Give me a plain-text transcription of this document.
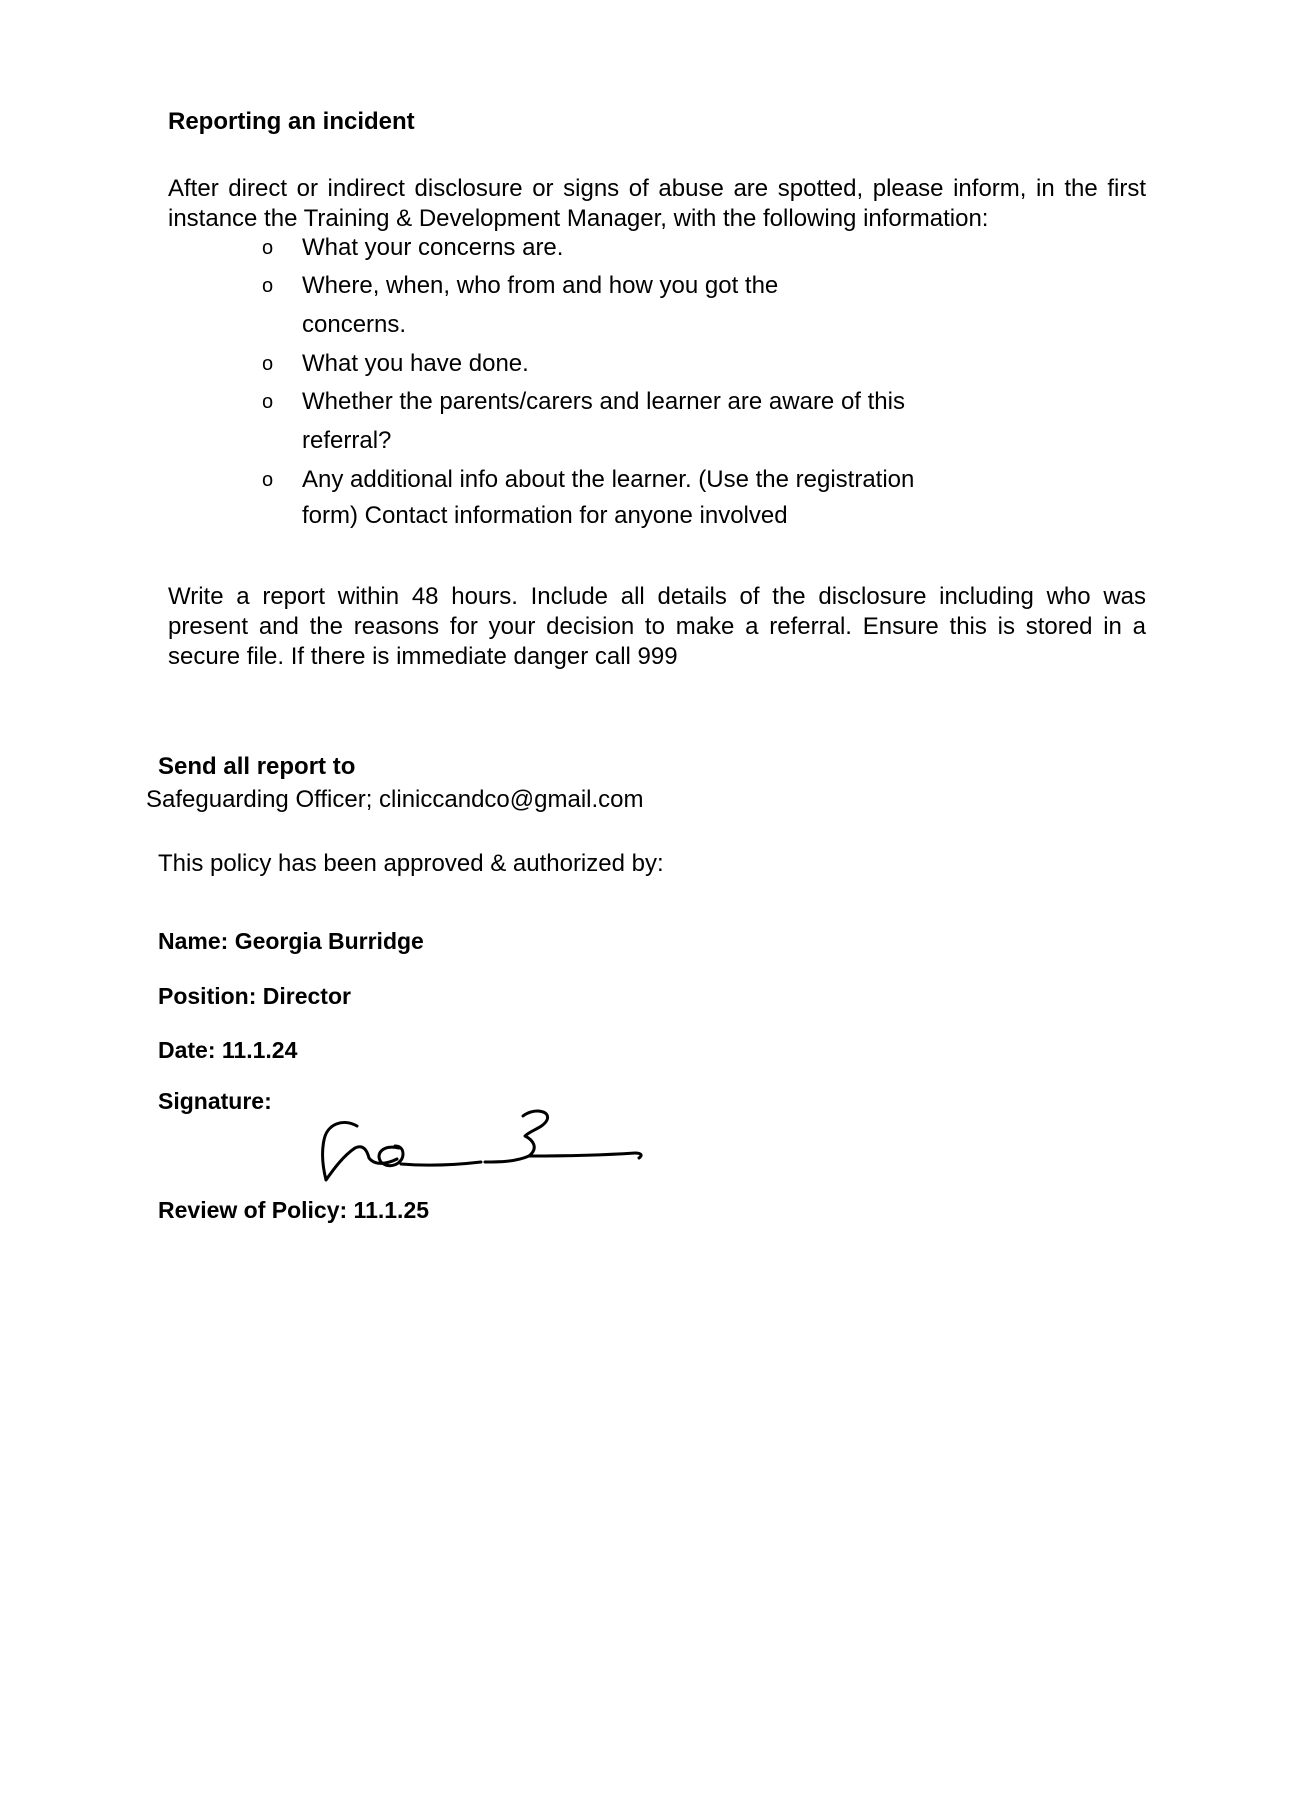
Reporting an incident

After direct or indirect disclosure or signs of abuse are spotted, please inform, in the first instance the Training & Development Manager, with the following information:

o What your concerns are.
o Where, when, who from and how you got the
concerns.
o What you have done.
o Whether the parents/carers and learner are aware of this
referral?
o Any additional info about the learner. (Use the registration
form) Contact information for anyone involved

Write a report within 48 hours. Include all details of the disclosure including who was present and the reasons for your decision to make a referral. Ensure this is stored in a secure file. If there is immediate danger call 999

Send all report to
Safeguarding Officer; cliniccandco@gmail.com
This policy has been approved & authorized by:
Name: Georgia Burridge
Position: Director
Date: 11.1.24
Signature:
Review of Policy: 11.1.25
